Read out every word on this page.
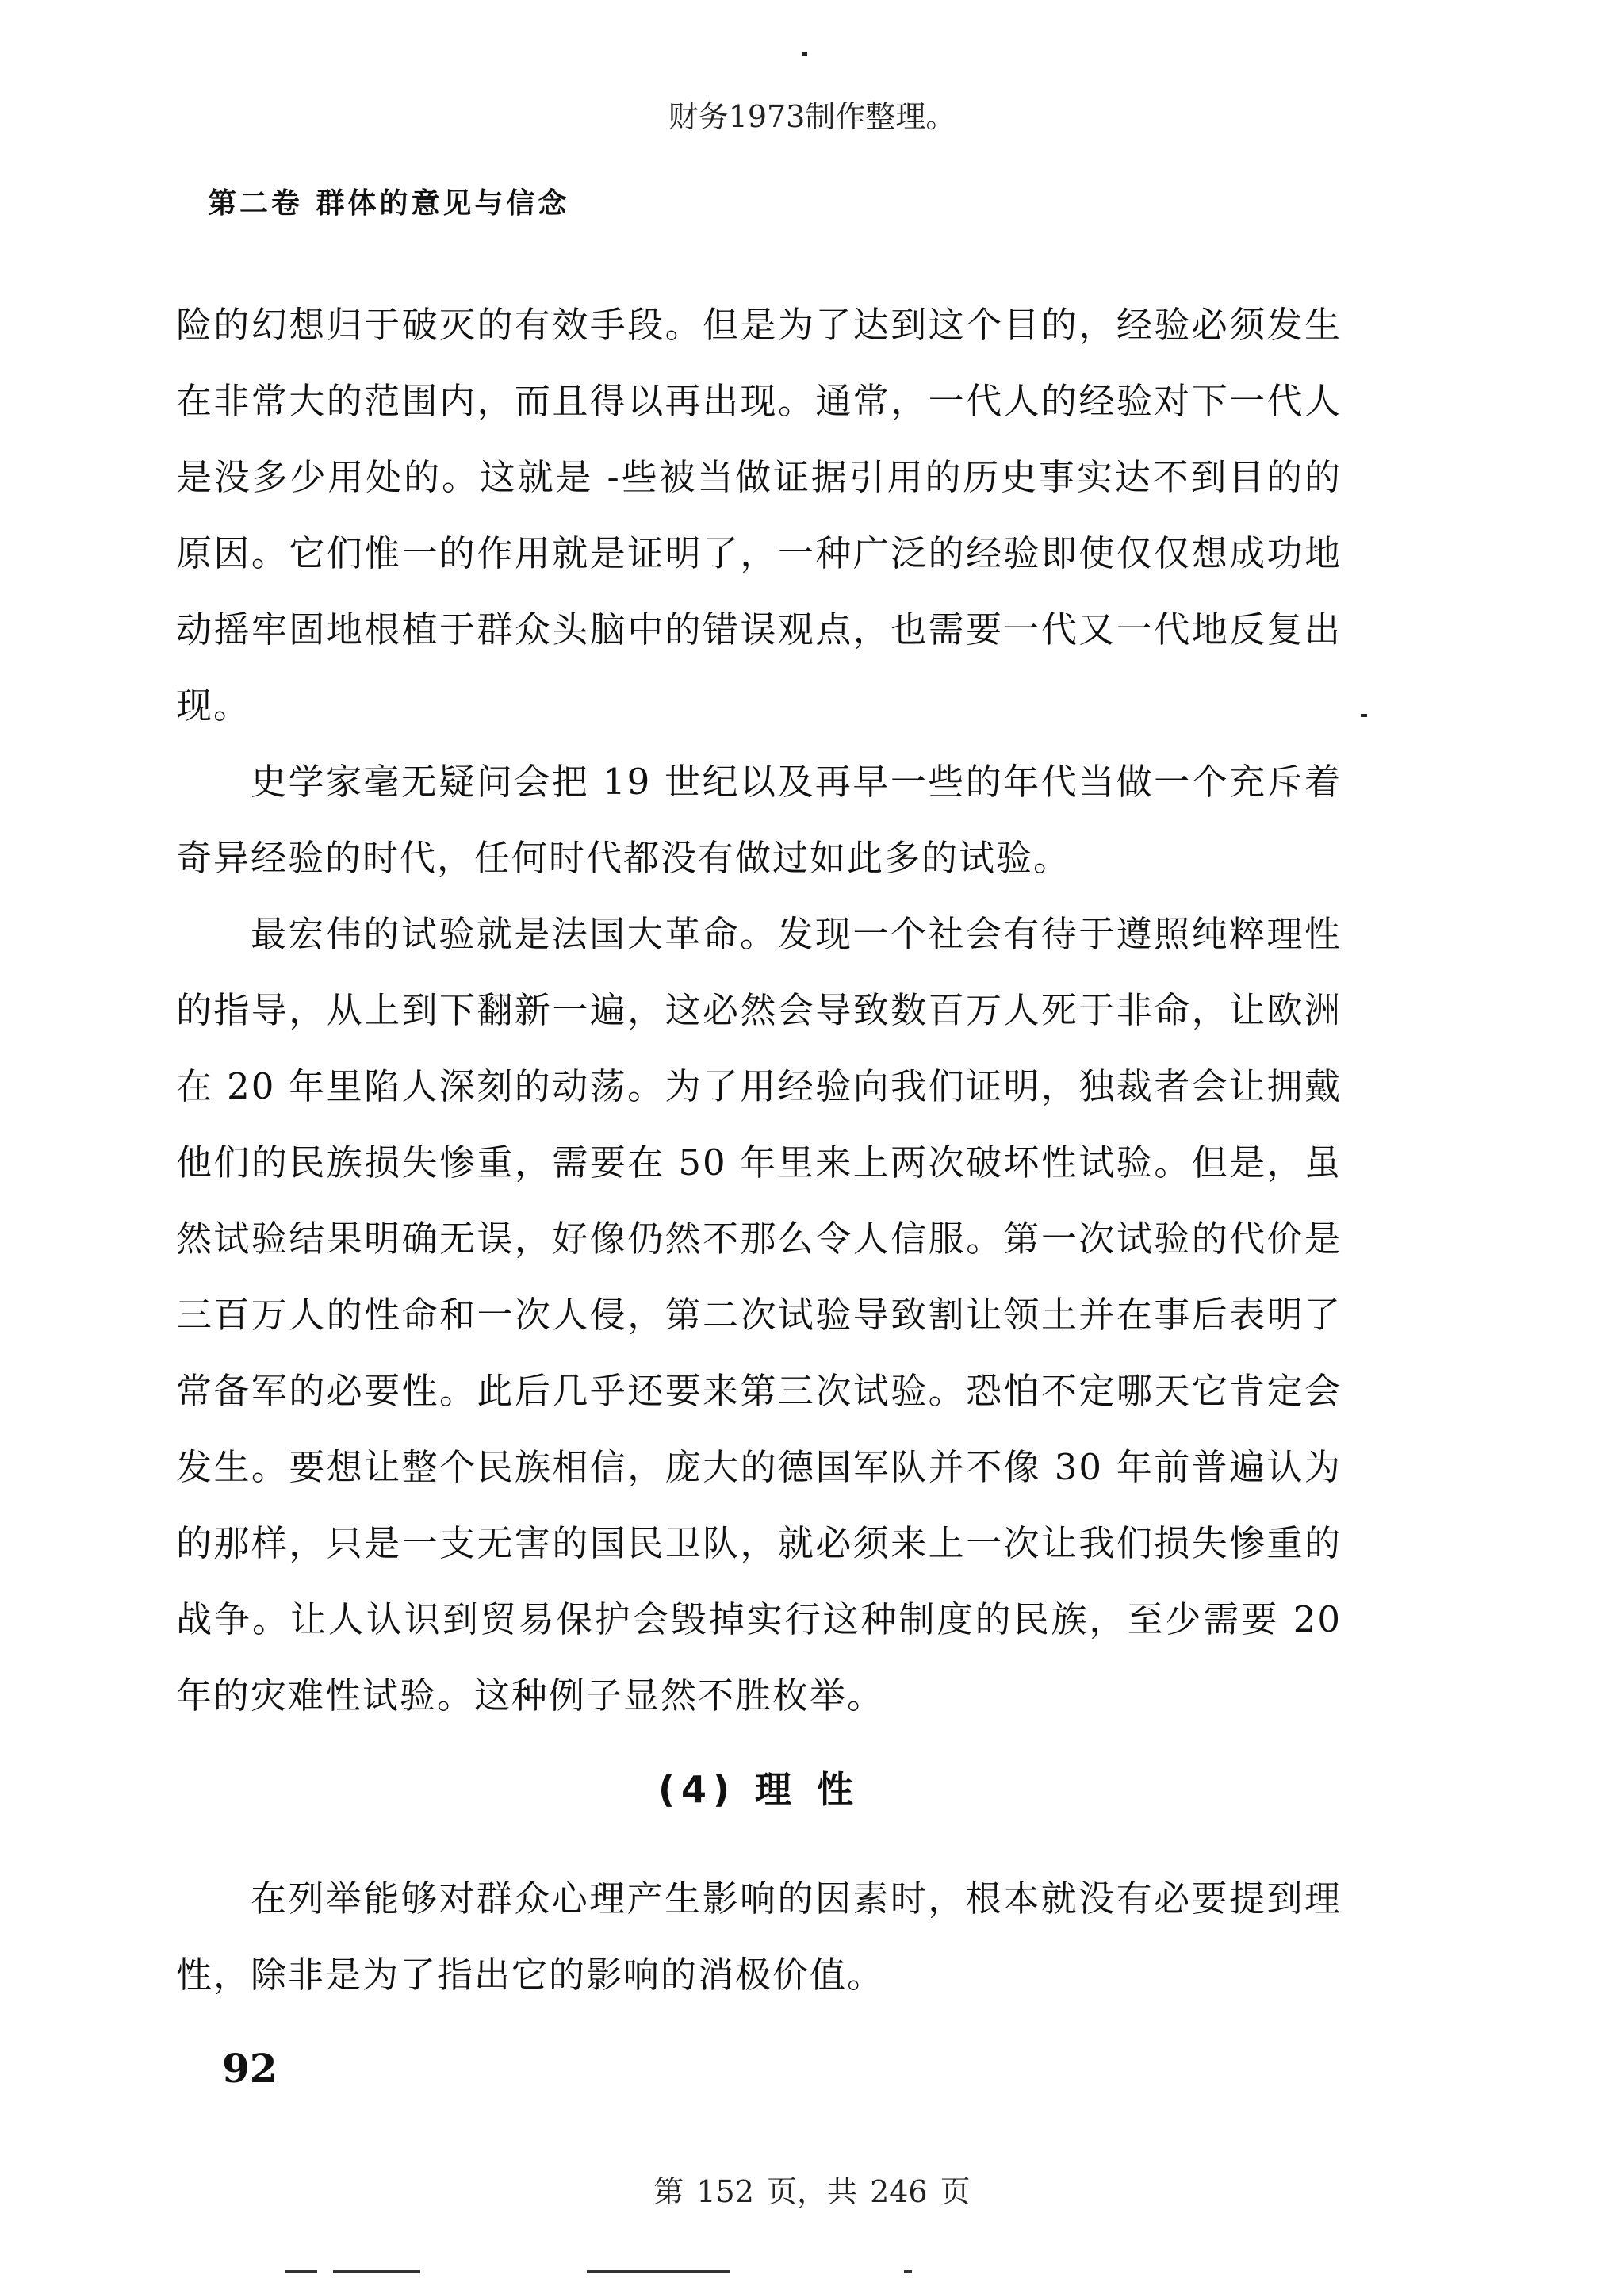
财务1973制作整理。
第二卷 群体的意见与信念

险的幻想归于破灭的有效手段。但是为了达到这个目的，经验必须发生在非常大的范围内，而且得以再出现。通常，一代人的经验对下一代人是没多少用处的。这就是 -些被当做证据引用的历史事实达不到目的的原因。它们惟一的作用就是证明了，一种广泛的经验即使仅仅想成功地动摇牢固地根植于群众头脑中的错误观点，也需要一代又一代地反复出现。

史学家毫无疑问会把 19 世纪以及再早一些的年代当做一个充斥着奇异经验的时代，任何时代都没有做过如此多的试验。

最宏伟的试验就是法国大革命。发现一个社会有待于遵照纯粹理性的指导，从上到下翻新一遍，这必然会导致数百万人死于非命，让欧洲在 20 年里陷人深刻的动荡。为了用经验向我们证明，独裁者会让拥戴他们的民族损失惨重，需要在 50 年里来上两次破坏性试验。但是，虽然试验结果明确无误，好像仍然不那么令人信服。第一次试验的代价是三百万人的性命和一次人侵，第二次试验导致割让领土并在事后表明了常备军的必要性。此后几乎还要来第三次试验。恐怕不定哪天它肯定会发生。要想让整个民族相信，庞大的德国军队并不像 30 年前普遍认为的那样，只是一支无害的国民卫队，就必须来上一次让我们损失惨重的战争。让人认识到贸易保护会毁掉实行这种制度的民族，至少需要 20 年的灾难性试验。这种例子显然不胜枚举。

(4) 理 性

在列举能够对群众心理产生影响的因素时，根本就没有必要提到理性，除非是为了指出它的影响的消极价值。

92
第 152 页，共 246 页
